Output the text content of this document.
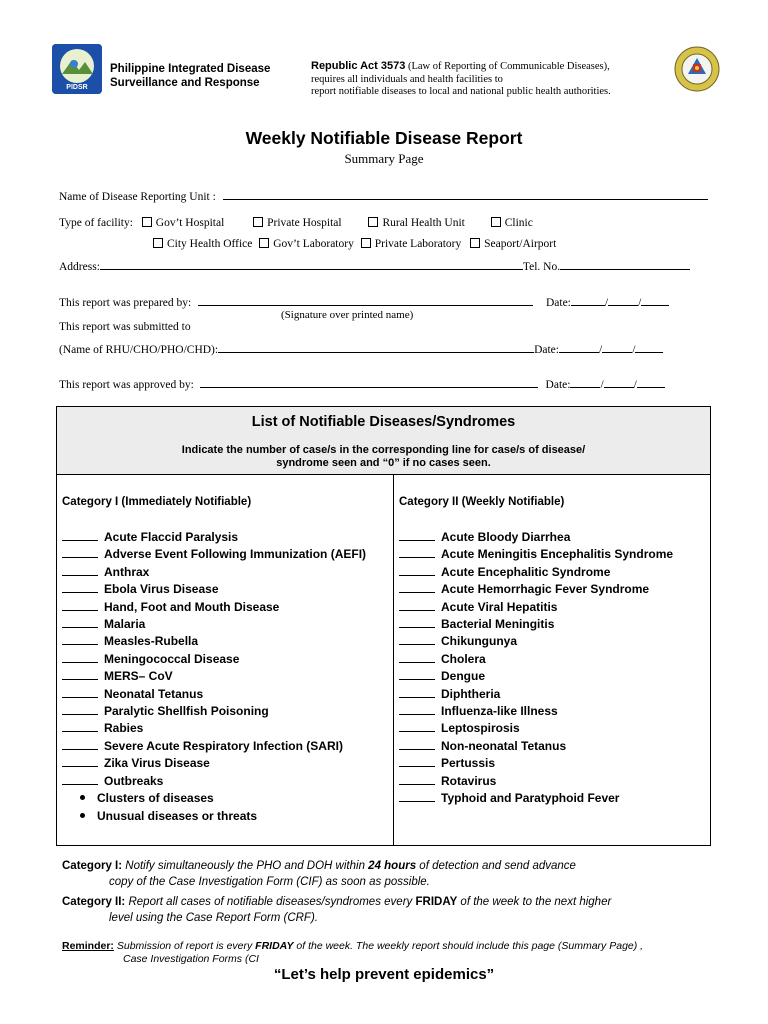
PIDSR
Philippine Integrated Disease
Surveillance and Response
Republic Act 3573 (Law of Reporting of Communicable Diseases),
requires all individuals and health facilities to
report notifiable diseases to local and national public health authorities.
Weekly Notifiable Disease Report
Summary Page
Name of Disease Reporting Unit :
Type of facility: Gov’t Hospital	Private Hospital	Rural Health Unit	Clinic
City Health Office Gov’t Laboratory Private Laboratory Seaport/Airport
Address:	Tel. No.
This report was prepared by:	Date:	/	/
(Signature over printed name)
This report was submitted to
(Name of RHU/CHO/PHO/CHD):	Date:	/	/
This report was approved by:	Date:	/	/
List of Notifiable Diseases/Syndromes
Indicate the number of case/s in the corresponding line for case/s of disease/
syndrome seen and “0” if no cases seen.
Category I (Immediately Notifiable)
Acute Flaccid Paralysis
Adverse Event Following Immunization (AEFI)
Anthrax
Ebola Virus Disease
Hand, Foot and Mouth Disease
Malaria
Measles-Rubella
Meningococcal Disease
MERS– CoV
Neonatal Tetanus
Paralytic Shellfish Poisoning
Rabies
Severe Acute Respiratory Infection (SARI)
Zika Virus Disease
Outbreaks
Clusters of diseases
Unusual diseases or threats
Category II (Weekly Notifiable)
Acute Bloody Diarrhea
Acute Meningitis Encephalitis Syndrome
Acute Encephalitic Syndrome
Acute Hemorrhagic Fever Syndrome
Acute Viral Hepatitis
Bacterial Meningitis
Chikungunya
Cholera
Dengue
Diphtheria
Influenza-like Illness
Leptospirosis
Non-neonatal Tetanus
Pertussis
Rotavirus
Typhoid and Paratyphoid Fever
Category I: Notify simultaneously the PHO and DOH within 24 hours of detection and send advance
copy of the Case Investigation Form (CIF) as soon as possible.
Category II: Report all cases of notifiable diseases/syndromes every FRIDAY of the week to the next higher
level using the Case Report Form (CRF).
Reminder: Submission of report is every FRIDAY of the week. The weekly report should include this page (Summary Page) ,
Case Investigation Forms (CI
“Let’s help prevent epidemics”
